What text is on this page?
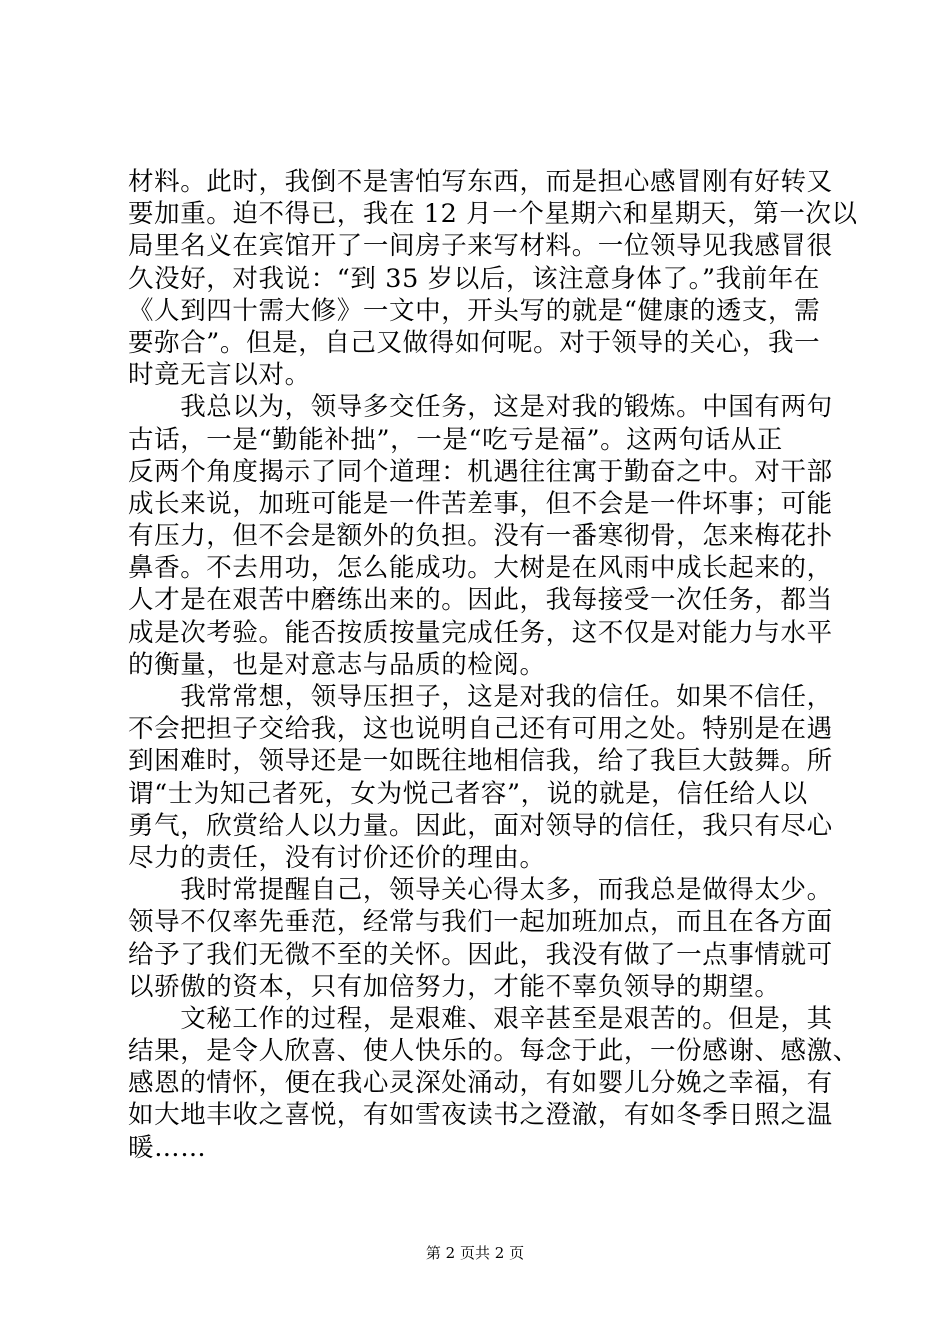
材料。此时，我倒不是害怕写东西，而是担心感冒刚有好转又
要加重。迫不得已，我在 12 月一个星期六和星期天，第一次以
局里名义在宾馆开了一间房子来写材料。一位领导见我感冒很
久没好，对我说：“到 35 岁以后，该注意身体了。”我前年在
《人到四十需大修》一文中，开头写的就是“健康的透支，需
要弥合”。但是，自己又做得如何呢。对于领导的关心，我一
时竟无言以对。
　　我总以为，领导多交任务，这是对我的锻炼。中国有两句
古话，一是“勤能补拙”，一是“吃亏是福”。这两句话从正
反两个角度揭示了同个道理：机遇往往寓于勤奋之中。对干部
成长来说，加班可能是一件苦差事，但不会是一件坏事；可能
有压力，但不会是额外的负担。没有一番寒彻骨，怎来梅花扑
鼻香。不去用功，怎么能成功。大树是在风雨中成长起来的，
人才是在艰苦中磨练出来的。因此，我每接受一次任务，都当
成是次考验。能否按质按量完成任务，这不仅是对能力与水平
的衡量，也是对意志与品质的检阅。
　　我常常想，领导压担子，这是对我的信任。如果不信任，
不会把担子交给我，这也说明自己还有可用之处。特别是在遇
到困难时，领导还是一如既往地相信我，给了我巨大鼓舞。所
谓“士为知己者死，女为悦己者容”，说的就是，信任给人以
勇气，欣赏给人以力量。因此，面对领导的信任，我只有尽心
尽力的责任，没有讨价还价的理由。
　　我时常提醒自己，领导关心得太多，而我总是做得太少。
领导不仅率先垂范，经常与我们一起加班加点，而且在各方面
给予了我们无微不至的关怀。因此，我没有做了一点事情就可
以骄傲的资本，只有加倍努力，才能不辜负领导的期望。
　　文秘工作的过程，是艰难、艰辛甚至是艰苦的。但是，其
结果，是令人欣喜、使人快乐的。每念于此，一份感谢、感激、
感恩的情怀，便在我心灵深处涌动，有如婴儿分娩之幸福，有
如大地丰收之喜悦，有如雪夜读书之澄澈，有如冬季日照之温
暖……
第 2 页共 2 页
